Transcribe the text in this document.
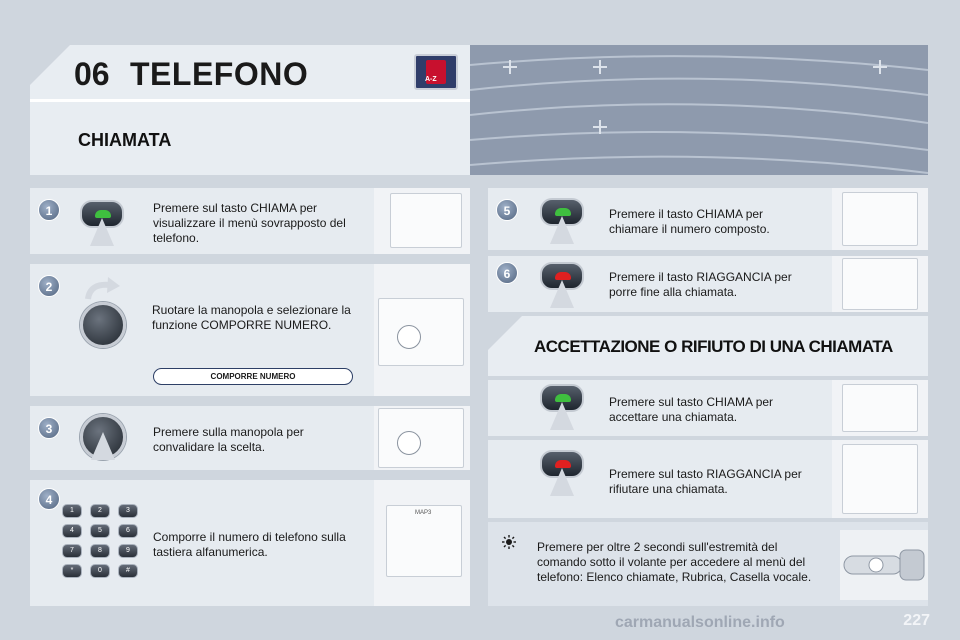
06 TELEFONO	A-Z
CHIAMATA
1	Premere sul tasto CHIAMA per visualizzare il menù sovrapposto del telefono.
2
Ruotare la manopola e selezionare la funzione COMPORRE NUMERO.
COMPORRE NUMERO
3	Premere sulla manopola per convalidare la scelta.
4
1	2	3
4	5	6
7	8	9
*	0	#
Comporre il numero di telefono sulla tastiera alfanumerica.
MAP3
5	Premere il tasto CHIAMA per chiamare il numero composto.
6	Premere il tasto RIAGGANCIA per porre fine alla chiamata.
ACCETTAZIONE O RIFIUTO DI UNA CHIAMATA
Premere sul tasto CHIAMA per accettare una chiamata.
Premere sul tasto RIAGGANCIA per rifiutare una chiamata.
Premere per oltre 2 secondi sull'estremità del comando sotto il volante per accedere al menù del telefono: Elenco chiamate, Rubrica, Casella vocale.
227
carmanualsonline.info
